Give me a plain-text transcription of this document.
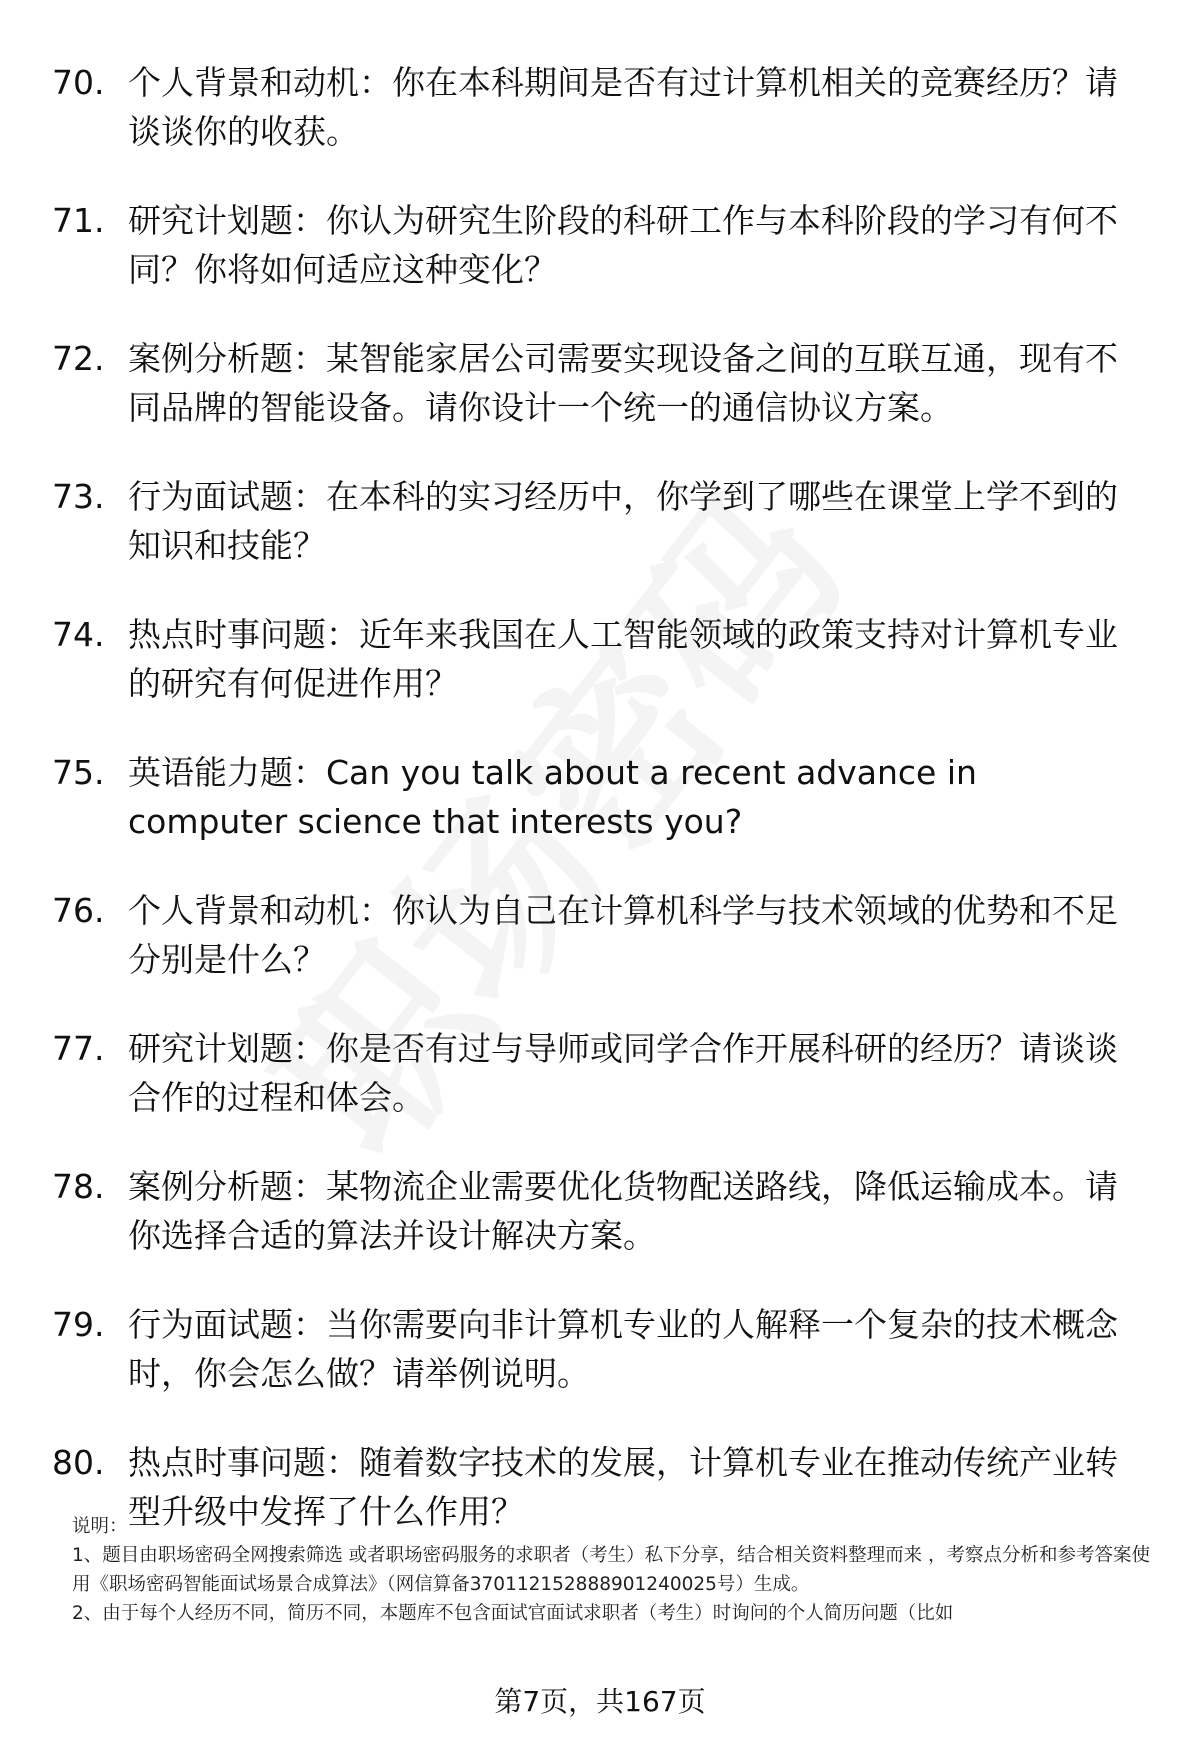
70. 个人背景和动机：你在本科期间是否有过计算机相关的竞赛经历？请谈谈你的收获。
71. 研究计划题：你认为研究生阶段的科研工作与本科阶段的学习有何不同？你将如何适应这种变化？
72. 案例分析题：某智能家居公司需要实现设备之间的互联互通，现有不同品牌的智能设备。请你设计一个统一的通信协议方案。
73. 行为面试题：在本科的实习经历中，你学到了哪些在课堂上学不到的知识和技能？
74. 热点时事问题：近年来我国在人工智能领域的政策支持对计算机专业的研究有何促进作用？
75. 英语能力题：Can you talk about a recent advance in computer science that interests you?
76. 个人背景和动机：你认为自己在计算机科学与技术领域的优势和不足分别是什么？
77. 研究计划题：你是否有过与导师或同学合作开展科研的经历？请谈谈合作的过程和体会。
78. 案例分析题：某物流企业需要优化货物配送路线，降低运输成本。请你选择合适的算法并设计解决方案。
79. 行为面试题：当你需要向非计算机专业的人解释一个复杂的技术概念时，你会怎么做？请举例说明。
80. 热点时事问题：随着数字技术的发展，计算机专业在推动传统产业转型升级中发挥了什么作用？

说明：

1、题目由职场密码全网搜索筛选 或者职场密码服务的求职者（考生）私下分享，结合相关资料整理而来 ，考察点分析和参考答案使用《职场密码智能面试场景合成算法》（网信算备370112152888901240025号）生成。

2、由于每个人经历不同，简历不同，本题库不包含面试官面试求职者（考生）时询问的个人简历问题（比如

第7页，共167页
